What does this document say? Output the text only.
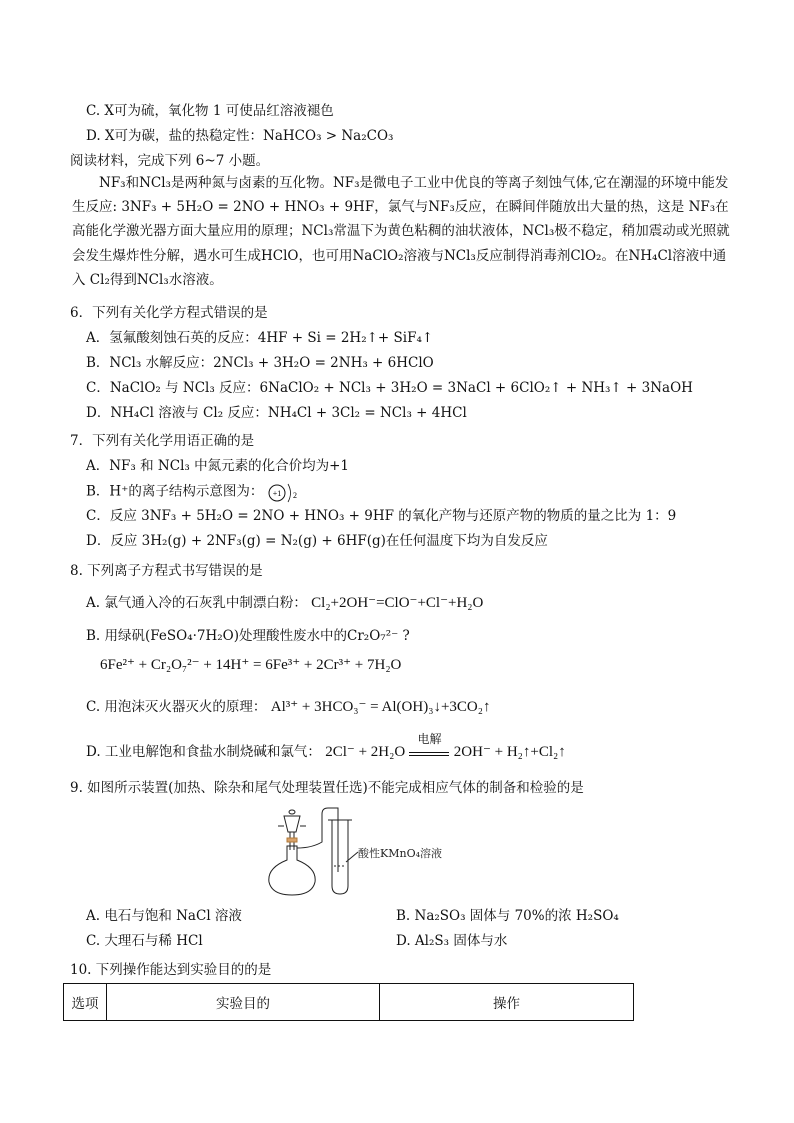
C. X可为硫，氧化物 1 可使品红溶液褪色
D. X可为碳，盐的热稳定性：NaHCO₃ > Na₂CO₃
阅读材料，完成下列 6~7 小题。
NF₃和NCl₃是两种氮与卤素的互化物。NF₃是微电子工业中优良的等离子刻蚀气体,它在潮湿的环境中能发生反应: 3NF₃ + 5H₂O = 2NO + HNO₃ + 9HF，氯气与NF₃反应，在瞬间伴随放出大量的热，这是 NF₃在高能化学激光器方面大量应用的原理；NCl₃常温下为黄色粘稠的油状液体，NCl₃极不稳定，稍加震动或光照就会发生爆炸性分解，遇水可生成HClO，也可用NaClO₂溶液与NCl₃反应制得消毒剂ClO₂。在NH₄Cl溶液中通入 Cl₂得到NCl₃水溶液。
6．下列有关化学方程式错误的是
A．氢氟酸刻蚀石英的反应：4HF + Si = 2H₂↑+ SiF₄↑
B．NCl₃ 水解反应：2NCl₃ + 3H₂O = 2NH₃ + 6HClO
C．NaClO₂ 与 NCl₃ 反应：6NaClO₂ + NCl₃ + 3H₂O = 3NaCl + 6ClO₂↑ + NH₃↑ + 3NaOH
D．NH₄Cl 溶液与 Cl₂ 反应：NH₄Cl + 3Cl₂ = NCl₃ + 4HCl
7．下列有关化学用语正确的是
A．NF₃ 和 NCl₃ 中氮元素的化合价均为+1
B．H⁺的离子结构示意图为： +1 2
C．反应 3NF₃ + 5H₂O = 2NO + HNO₃ + 9HF 的氧化产物与还原产物的物质的量之比为 1：9
D．反应 3H₂(g) + 2NF₃(g) = N₂(g) + 6HF(g)在任何温度下均为自发反应
8. 下列离子方程式书写错误的是
A. 氯气通入冷的石灰乳中制漂白粉： Cl₂+2OH⁻=ClO⁻+Cl⁻+H₂O
B. 用绿矾(FeSO₄·7H₂O)处理酸性废水中的Cr₂O₇²⁻ ?
6Fe²⁺ + Cr₂O₇²⁻ + 14H⁺ = 6Fe³⁺ + 2Cr³⁺ + 7H₂O
C. 用泡沫灭火器灭火的原理： Al³⁺ + 3HCO₃⁻ = Al(OH)₃↓+3CO₂↑
D. 工业电解饱和食盐水制烧碱和氯气： 2Cl⁻ + 2H₂O
电解
2OH⁻ + H₂↑+Cl₂↑
9. 如图所示装置(加热、除杂和尾气处理装置任选)不能完成相应气体的制备和检验的是
酸性KMnO₄溶液
A. 电石与饱和 NaCl 溶液	B. Na₂SO₃ 固体与 70%的浓 H₂SO₄
C. 大理石与稀 HCl	D. Al₂S₃ 固体与水
10. 下列操作能达到实验目的的是
选项	实验目的	操作
